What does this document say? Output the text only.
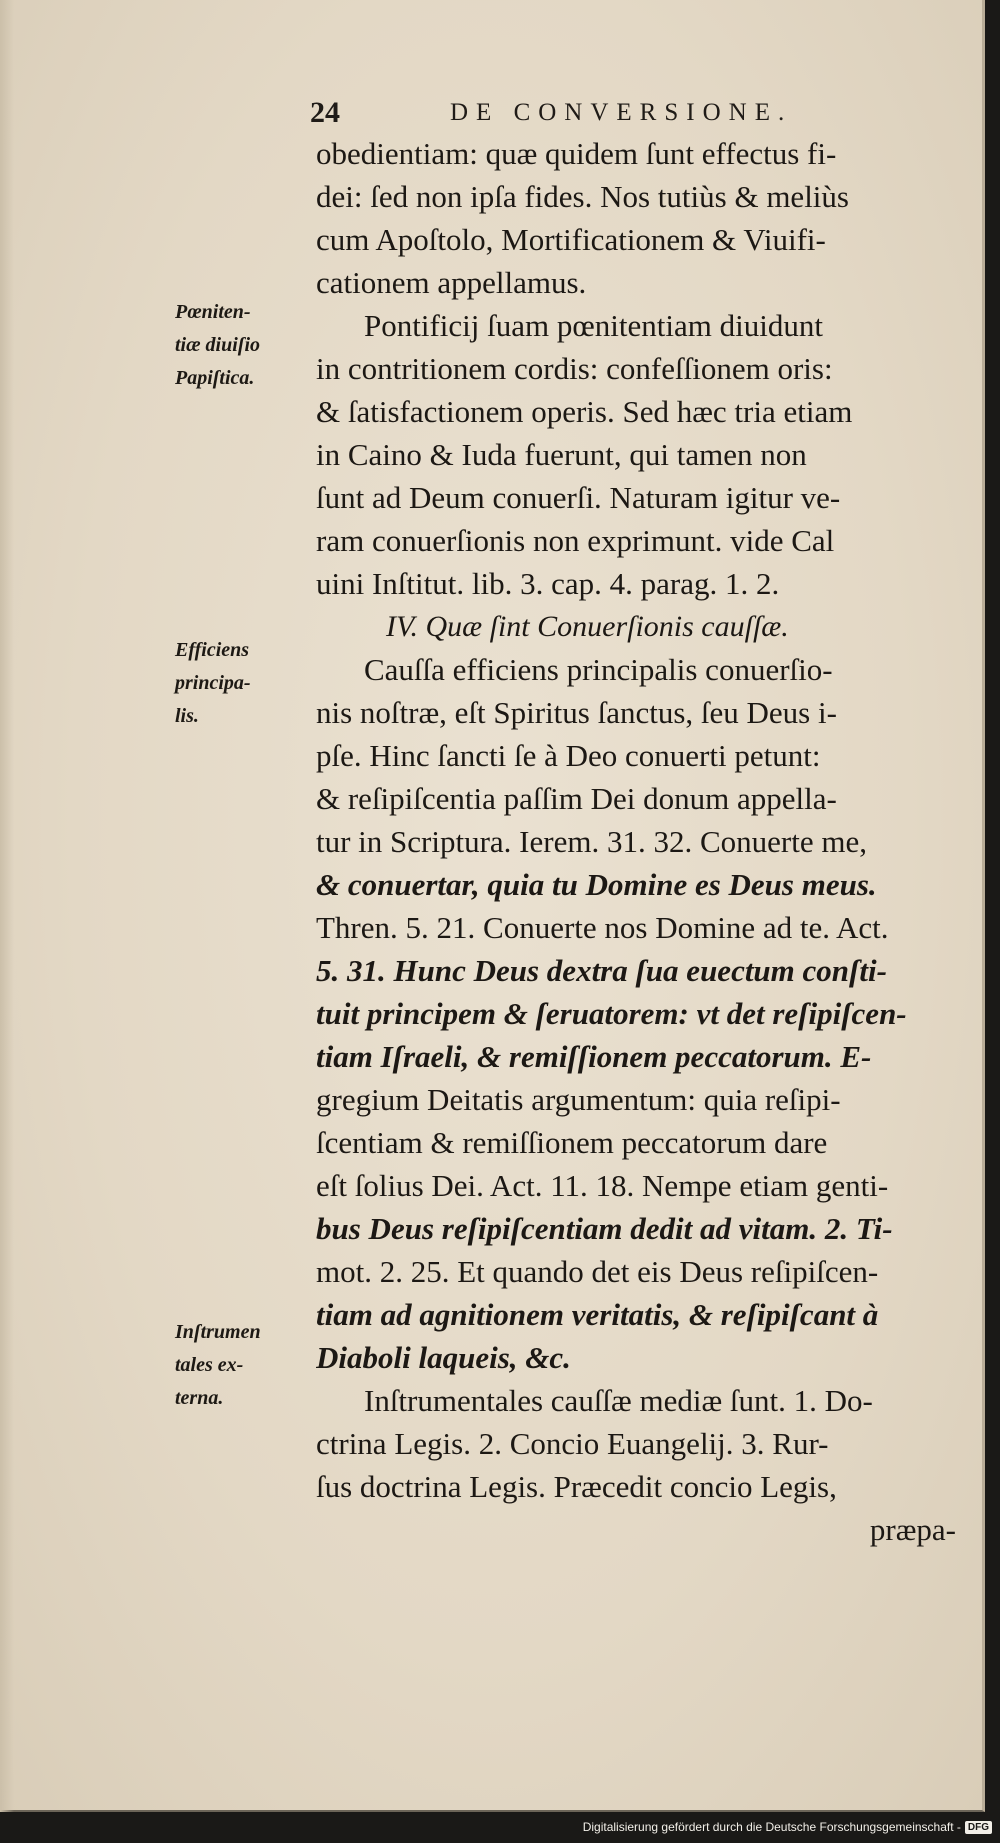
24	DE CONVERSIONE.
Pœniten-
tiæ diuiſio
Papiſtica.
Efficiens
principa-
lis.
Inſtrumen
tales ex-
terna.
obedientiam: quæ quidem ſunt effectus fi-
dei: ſed non ipſa fides. Nos tutiùs & meliùs
cum Apoſtolo, Mortificationem & Viuifi-
cationem appellamus.
Pontificij ſuam pœnitentiam diuidunt
in contritionem cordis: confeſſionem oris:
& ſatisfactionem operis. Sed hæc tria etiam
in Caino & Iuda fuerunt, qui tamen non
ſunt ad Deum conuerſi. Naturam igitur ve-
ram conuerſionis non exprimunt. vide Cal
uini Inſtitut. lib. 3. cap. 4. parag. 1. 2.
IV. Quæ ſint Conuerſionis cauſſæ.
Cauſſa efficiens principalis conuerſio-
nis noſtræ, eſt Spiritus ſanctus, ſeu Deus i-
pſe. Hinc ſancti ſe à Deo conuerti petunt:
& reſipiſcentia paſſim Dei donum appella-
tur in Scriptura. Ierem. 31. 32. Conuerte me,
& conuertar, quia tu Domine es Deus meus.
Thren. 5. 21. Conuerte nos Domine ad te. Act.
5. 31. Hunc Deus dextra ſua euectum conſti-
tuit principem & ſeruatorem: vt det reſipiſcen-
tiam Iſraeli, & remiſſionem peccatorum. E-
gregium Deitatis argumentum: quia reſipi-
ſcentiam & remiſſionem peccatorum dare
eſt ſolius Dei. Act. 11. 18. Nempe etiam genti-
bus Deus reſipiſcentiam dedit ad vitam. 2. Ti-
mot. 2. 25. Et quando det eis Deus reſipiſcen-
tiam ad agnitionem veritatis, & reſipiſcant à
Diaboli laqueis, &c.
Inſtrumentales cauſſæ mediæ ſunt. 1. Do-
ctrina Legis. 2. Concio Euangelij. 3. Rur-
ſus doctrina Legis. Præcedit concio Legis,
præpa-
Digitalisierung gefördert durch die Deutsche Forschungsgemeinschaft - DFG
